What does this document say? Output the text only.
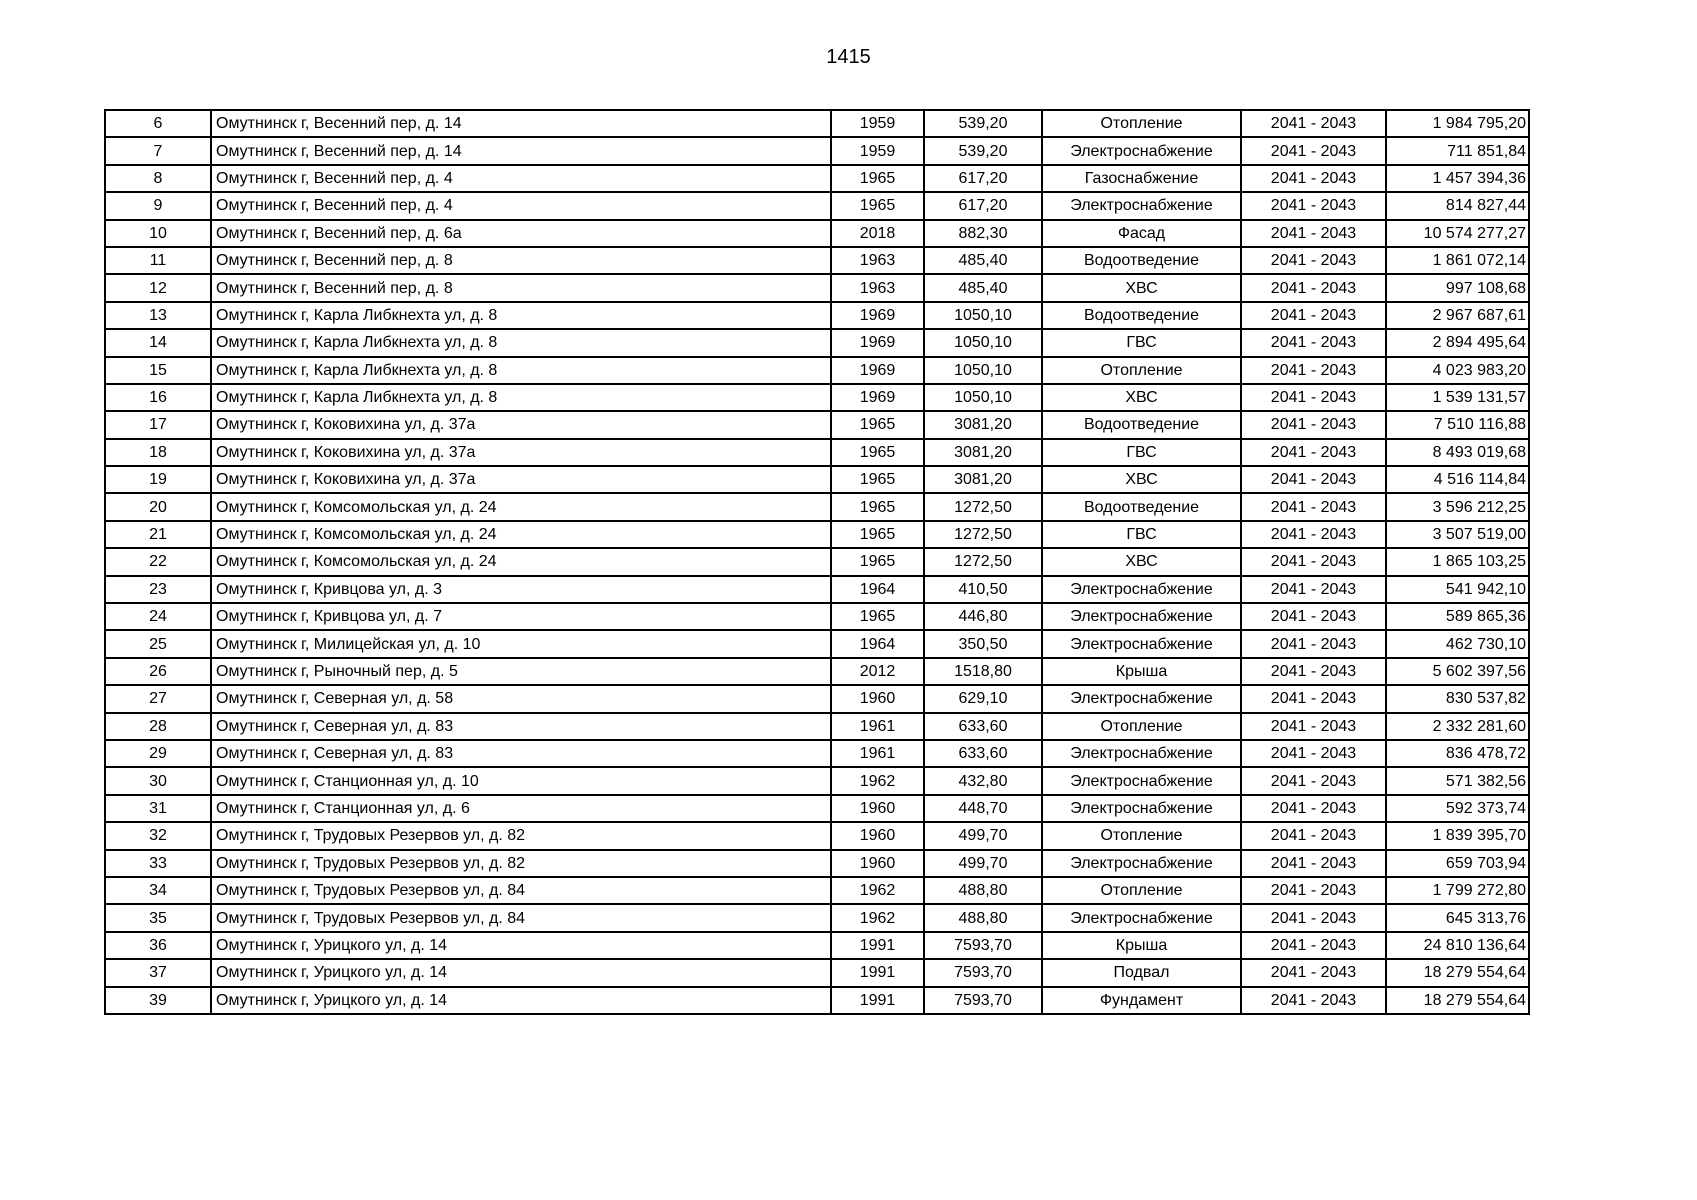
1415
6	Омутнинск г, Весенний пер, д. 14	1959	539,20	Отопление	2041 - 2043	1 984 795,20
7	Омутнинск г, Весенний пер, д. 14	1959	539,20	Электроснабжение	2041 - 2043	711 851,84
8	Омутнинск г, Весенний пер, д. 4	1965	617,20	Газоснабжение	2041 - 2043	1 457 394,36
9	Омутнинск г, Весенний пер, д. 4	1965	617,20	Электроснабжение	2041 - 2043	814 827,44
10	Омутнинск г, Весенний пер, д. 6а	2018	882,30	Фасад	2041 - 2043	10 574 277,27
11	Омутнинск г, Весенний пер, д. 8	1963	485,40	Водоотведение	2041 - 2043	1 861 072,14
12	Омутнинск г, Весенний пер, д. 8	1963	485,40	ХВС	2041 - 2043	997 108,68
13	Омутнинск г, Карла Либкнехта ул, д. 8	1969	1050,10	Водоотведение	2041 - 2043	2 967 687,61
14	Омутнинск г, Карла Либкнехта ул, д. 8	1969	1050,10	ГВС	2041 - 2043	2 894 495,64
15	Омутнинск г, Карла Либкнехта ул, д. 8	1969	1050,10	Отопление	2041 - 2043	4 023 983,20
16	Омутнинск г, Карла Либкнехта ул, д. 8	1969	1050,10	ХВС	2041 - 2043	1 539 131,57
17	Омутнинск г, Коковихина ул, д. 37а	1965	3081,20	Водоотведение	2041 - 2043	7 510 116,88
18	Омутнинск г, Коковихина ул, д. 37а	1965	3081,20	ГВС	2041 - 2043	8 493 019,68
19	Омутнинск г, Коковихина ул, д. 37а	1965	3081,20	ХВС	2041 - 2043	4 516 114,84
20	Омутнинск г, Комсомольская ул, д. 24	1965	1272,50	Водоотведение	2041 - 2043	3 596 212,25
21	Омутнинск г, Комсомольская ул, д. 24	1965	1272,50	ГВС	2041 - 2043	3 507 519,00
22	Омутнинск г, Комсомольская ул, д. 24	1965	1272,50	ХВС	2041 - 2043	1 865 103,25
23	Омутнинск г, Кривцова ул, д. 3	1964	410,50	Электроснабжение	2041 - 2043	541 942,10
24	Омутнинск г, Кривцова ул, д. 7	1965	446,80	Электроснабжение	2041 - 2043	589 865,36
25	Омутнинск г, Милицейская ул, д. 10	1964	350,50	Электроснабжение	2041 - 2043	462 730,10
26	Омутнинск г, Рыночный пер, д. 5	2012	1518,80	Крыша	2041 - 2043	5 602 397,56
27	Омутнинск г, Северная ул, д. 58	1960	629,10	Электроснабжение	2041 - 2043	830 537,82
28	Омутнинск г, Северная ул, д. 83	1961	633,60	Отопление	2041 - 2043	2 332 281,60
29	Омутнинск г, Северная ул, д. 83	1961	633,60	Электроснабжение	2041 - 2043	836 478,72
30	Омутнинск г, Станционная ул, д. 10	1962	432,80	Электроснабжение	2041 - 2043	571 382,56
31	Омутнинск г, Станционная ул, д. 6	1960	448,70	Электроснабжение	2041 - 2043	592 373,74
32	Омутнинск г, Трудовых Резервов ул, д. 82	1960	499,70	Отопление	2041 - 2043	1 839 395,70
33	Омутнинск г, Трудовых Резервов ул, д. 82	1960	499,70	Электроснабжение	2041 - 2043	659 703,94
34	Омутнинск г, Трудовых Резервов ул, д. 84	1962	488,80	Отопление	2041 - 2043	1 799 272,80
35	Омутнинск г, Трудовых Резервов ул, д. 84	1962	488,80	Электроснабжение	2041 - 2043	645 313,76
36	Омутнинск г, Урицкого ул, д. 14	1991	7593,70	Крыша	2041 - 2043	24 810 136,64
37	Омутнинск г, Урицкого ул, д. 14	1991	7593,70	Подвал	2041 - 2043	18 279 554,64
39	Омутнинск г, Урицкого ул, д. 14	1991	7593,70	Фундамент	2041 - 2043	18 279 554,64
